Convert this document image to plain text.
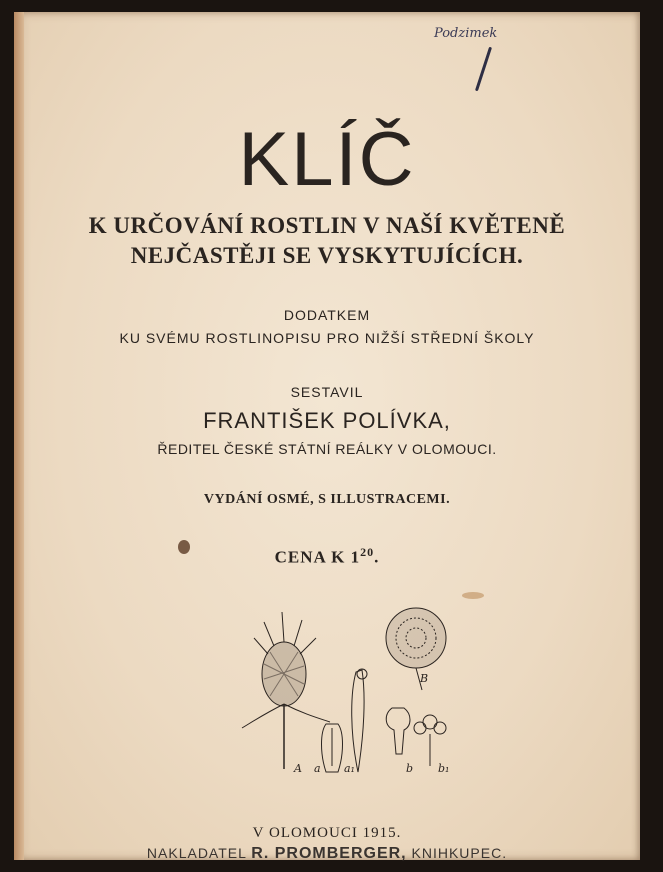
Podzimek
KLÍČ
K URČOVÁNÍ ROSTLIN V NAŠÍ KVĚTENĚ
NEJČASTĚJI SE VYSKYTUJÍCÍCH.
DODATKEM
KU SVÉMU ROSTLINOPISU PRO NIŽŠÍ STŘEDNÍ ŠKOLY
SESTAVIL
FRANTIŠEK POLÍVKA,
ŘEDITEL ČESKÉ STÁTNÍ REÁLKY V OLOMOUCI.
VYDÁNÍ OSMÉ, S ILLUSTRACEMI.
CENA K $1^{20}$.
A a a₁
B
b b₁
V OLOMOUCI 1915.
NAKLADATEL R. PROMBERGER, KNIHKUPEC.
